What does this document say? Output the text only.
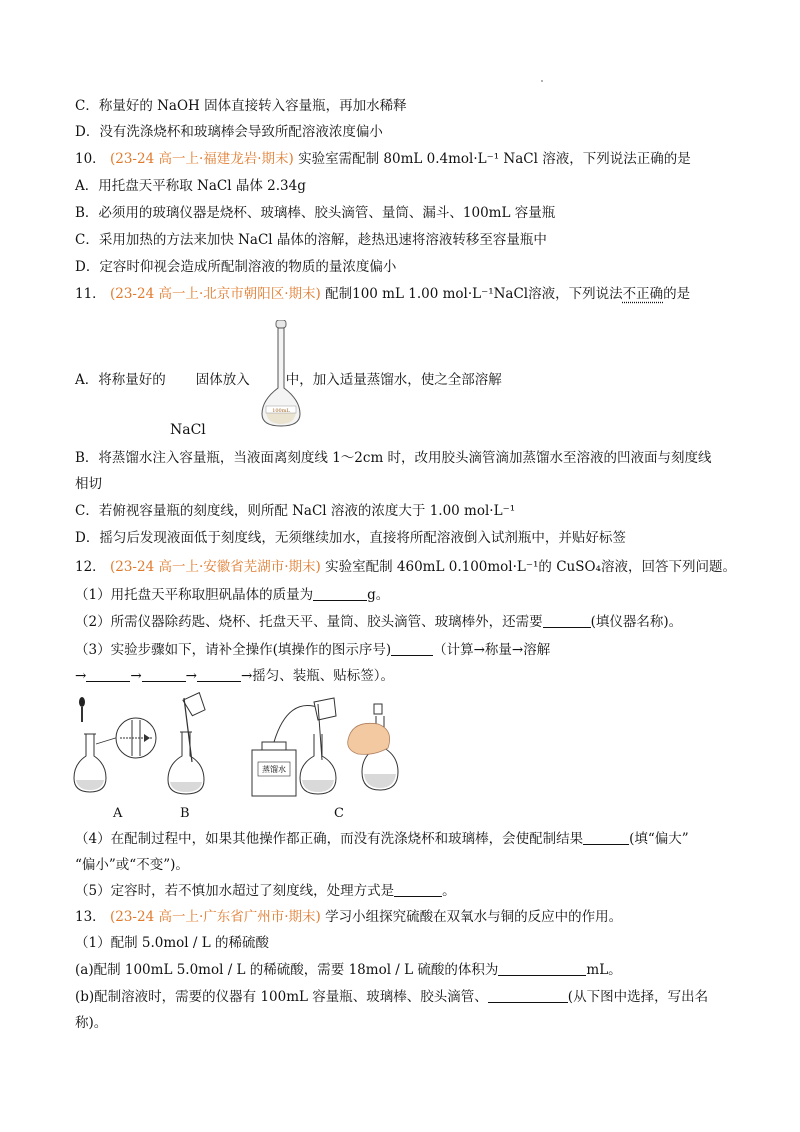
C．称量好的 NaOH 固体直接转入容量瓶，再加水稀释
D．没有洗涤烧杯和玻璃棒会导致所配溶液浓度偏小
10． (23-24 高一上·福建龙岩·期末) 实验室需配制 80mL 0.4mol·L⁻¹ NaCl 溶液，下列说法正确的是
A．用托盘天平称取 NaCl 晶体 2.34g
B．必须用的玻璃仪器是烧杯、玻璃棒、胶头滴管、量筒、漏斗、100mL 容量瓶
C．采用加热的方法来加快 NaCl 晶体的溶解，趁热迅速将溶液转移至容量瓶中
D．定容时仰视会造成所配制溶液的物质的量浓度偏小
11． (23-24 高一上·北京市朝阳区·期末) 配制100 mL 1.00 mol·L⁻¹NaCl溶液，下列说法不正确的是
A．将称量好的 固体放入	中，加入适量蒸馏水，使之全部溶解
NaCl
100mL
B．将蒸馏水注入容量瓶，当液面离刻度线 1～2cm 时，改用胶头滴管滴加蒸馏水至溶液的凹液面与刻度线
相切
C．若俯视容量瓶的刻度线，则所配 NaCl 溶液的浓度大于 1.00 mol·L⁻¹
D．摇匀后发现液面低于刻度线，无须继续加水，直接将所配溶液倒入试剂瓶中，并贴好标签
12． (23-24 高一上·安徽省芜湖市·期末) 实验室配制 460mL 0.100mol·L⁻¹的 CuSO₄溶液，回答下列问题。
（1）用托盘天平称取胆矾晶体的质量为	g。
（2）所需仪器除药匙、烧杯、托盘天平、量筒、胶头滴管、玻璃棒外，还需要	(填仪器名称)。
（3）实验步骤如下，请补全操作(填操作的图示序号)	（计算→称量→溶解
→	→	→	→摇匀、装瓶、贴标签）。
A	B
蒸馏水
C
（4）在配制过程中，如果其他操作都正确，而没有洗涤烧杯和玻璃棒，会使配制结果	(填“偏大”
“偏小”或“不变”)。
（5）定容时，若不慎加水超过了刻度线，处理方式是	。
13． (23-24 高一上·广东省广州市·期末) 学习小组探究硫酸在双氧水与铜的反应中的作用。
（1）配制 5.0mol / L 的稀硫酸
(a)配制 100mL 5.0mol / L 的稀硫酸，需要 18mol / L 硫酸的体积为	mL。
(b)配制溶液时，需要的仪器有 100mL 容量瓶、玻璃棒、胶头滴管、	(从下图中选择，写出名
称)。
